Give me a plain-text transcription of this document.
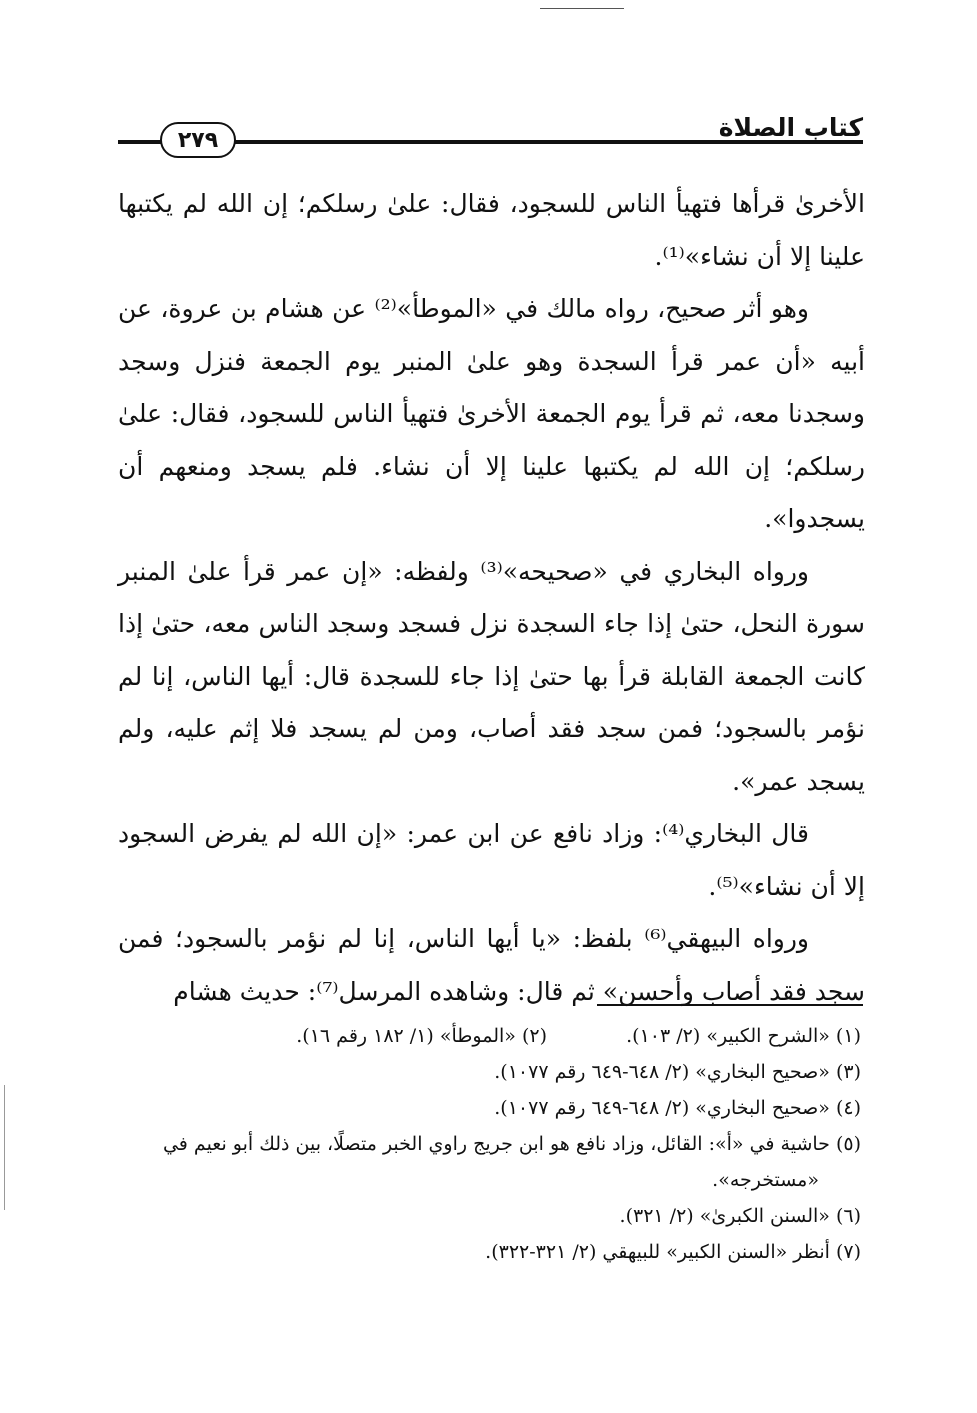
كتاب الصلاة
٢٧٩

الأخرىٰ قرأها فتهيأ الناس للسجود، فقال: علىٰ رسلكم؛ إن الله لم يكتبها علينا إلا أن نشاء»⁽¹⁾.

وهو أثر صحيح، رواه مالك في «الموطأ»⁽²⁾ عن هشام بن عروة، عن أبيه «أن عمر قرأ السجدة وهو علىٰ المنبر يوم الجمعة فنزل وسجد وسجدنا معه، ثم قرأ يوم الجمعة الأخرىٰ فتهيأ الناس للسجود، فقال: علىٰ رسلكم؛ إن الله لم يكتبها علينا إلا أن نشاء. فلم يسجد ومنعهم أن يسجدوا».

ورواه البخاري في «صحيحه»⁽³⁾ ولفظه: «إن عمر قرأ علىٰ المنبر سورة النحل، حتىٰ إذا جاء السجدة نزل فسجد وسجد الناس معه، حتىٰ إذا كانت الجمعة القابلة قرأ بها حتىٰ إذا جاء للسجدة قال: أيها الناس، إنا لم نؤمر بالسجود؛ فمن سجد فقد أصاب، ومن لم يسجد فلا إثم عليه، ولم يسجد عمر».

قال البخاري⁽⁴⁾: وزاد نافع عن ابن عمر: «إن الله لم يفرض السجود إلا أن نشاء»⁽⁵⁾.

ورواه البيهقي⁽⁶⁾ بلفظ: «يا أيها الناس، إنا لم نؤمر بالسجود؛ فمن سجد فقد أصاب وأحسن» ثم قال: وشاهده المرسل⁽⁷⁾: حديث هشام

(١) «الشرح الكبير» (٢/ ١٠٣).
(٢) «الموطأ» (١/ ١٨٢ رقم ١٦).
(٣) «صحيح البخاري» (٢/ ٦٤٨-٦٤٩ رقم ١٠٧٧).
(٤) «صحيح البخاري» (٢/ ٦٤٨-٦٤٩ رقم ١٠٧٧).
(٥) حاشية في «أ»: القائل، وزاد نافع هو ابن جريج راوي الخبر متصلًا، بين ذلك أبو نعيم في «مستخرجه».
(٦) «السنن الكبرىٰ» (٢/ ٣٢١).
(٧) أنظر «السنن الكبير» للبيهقي (٢/ ٣٢١-٣٢٢).
